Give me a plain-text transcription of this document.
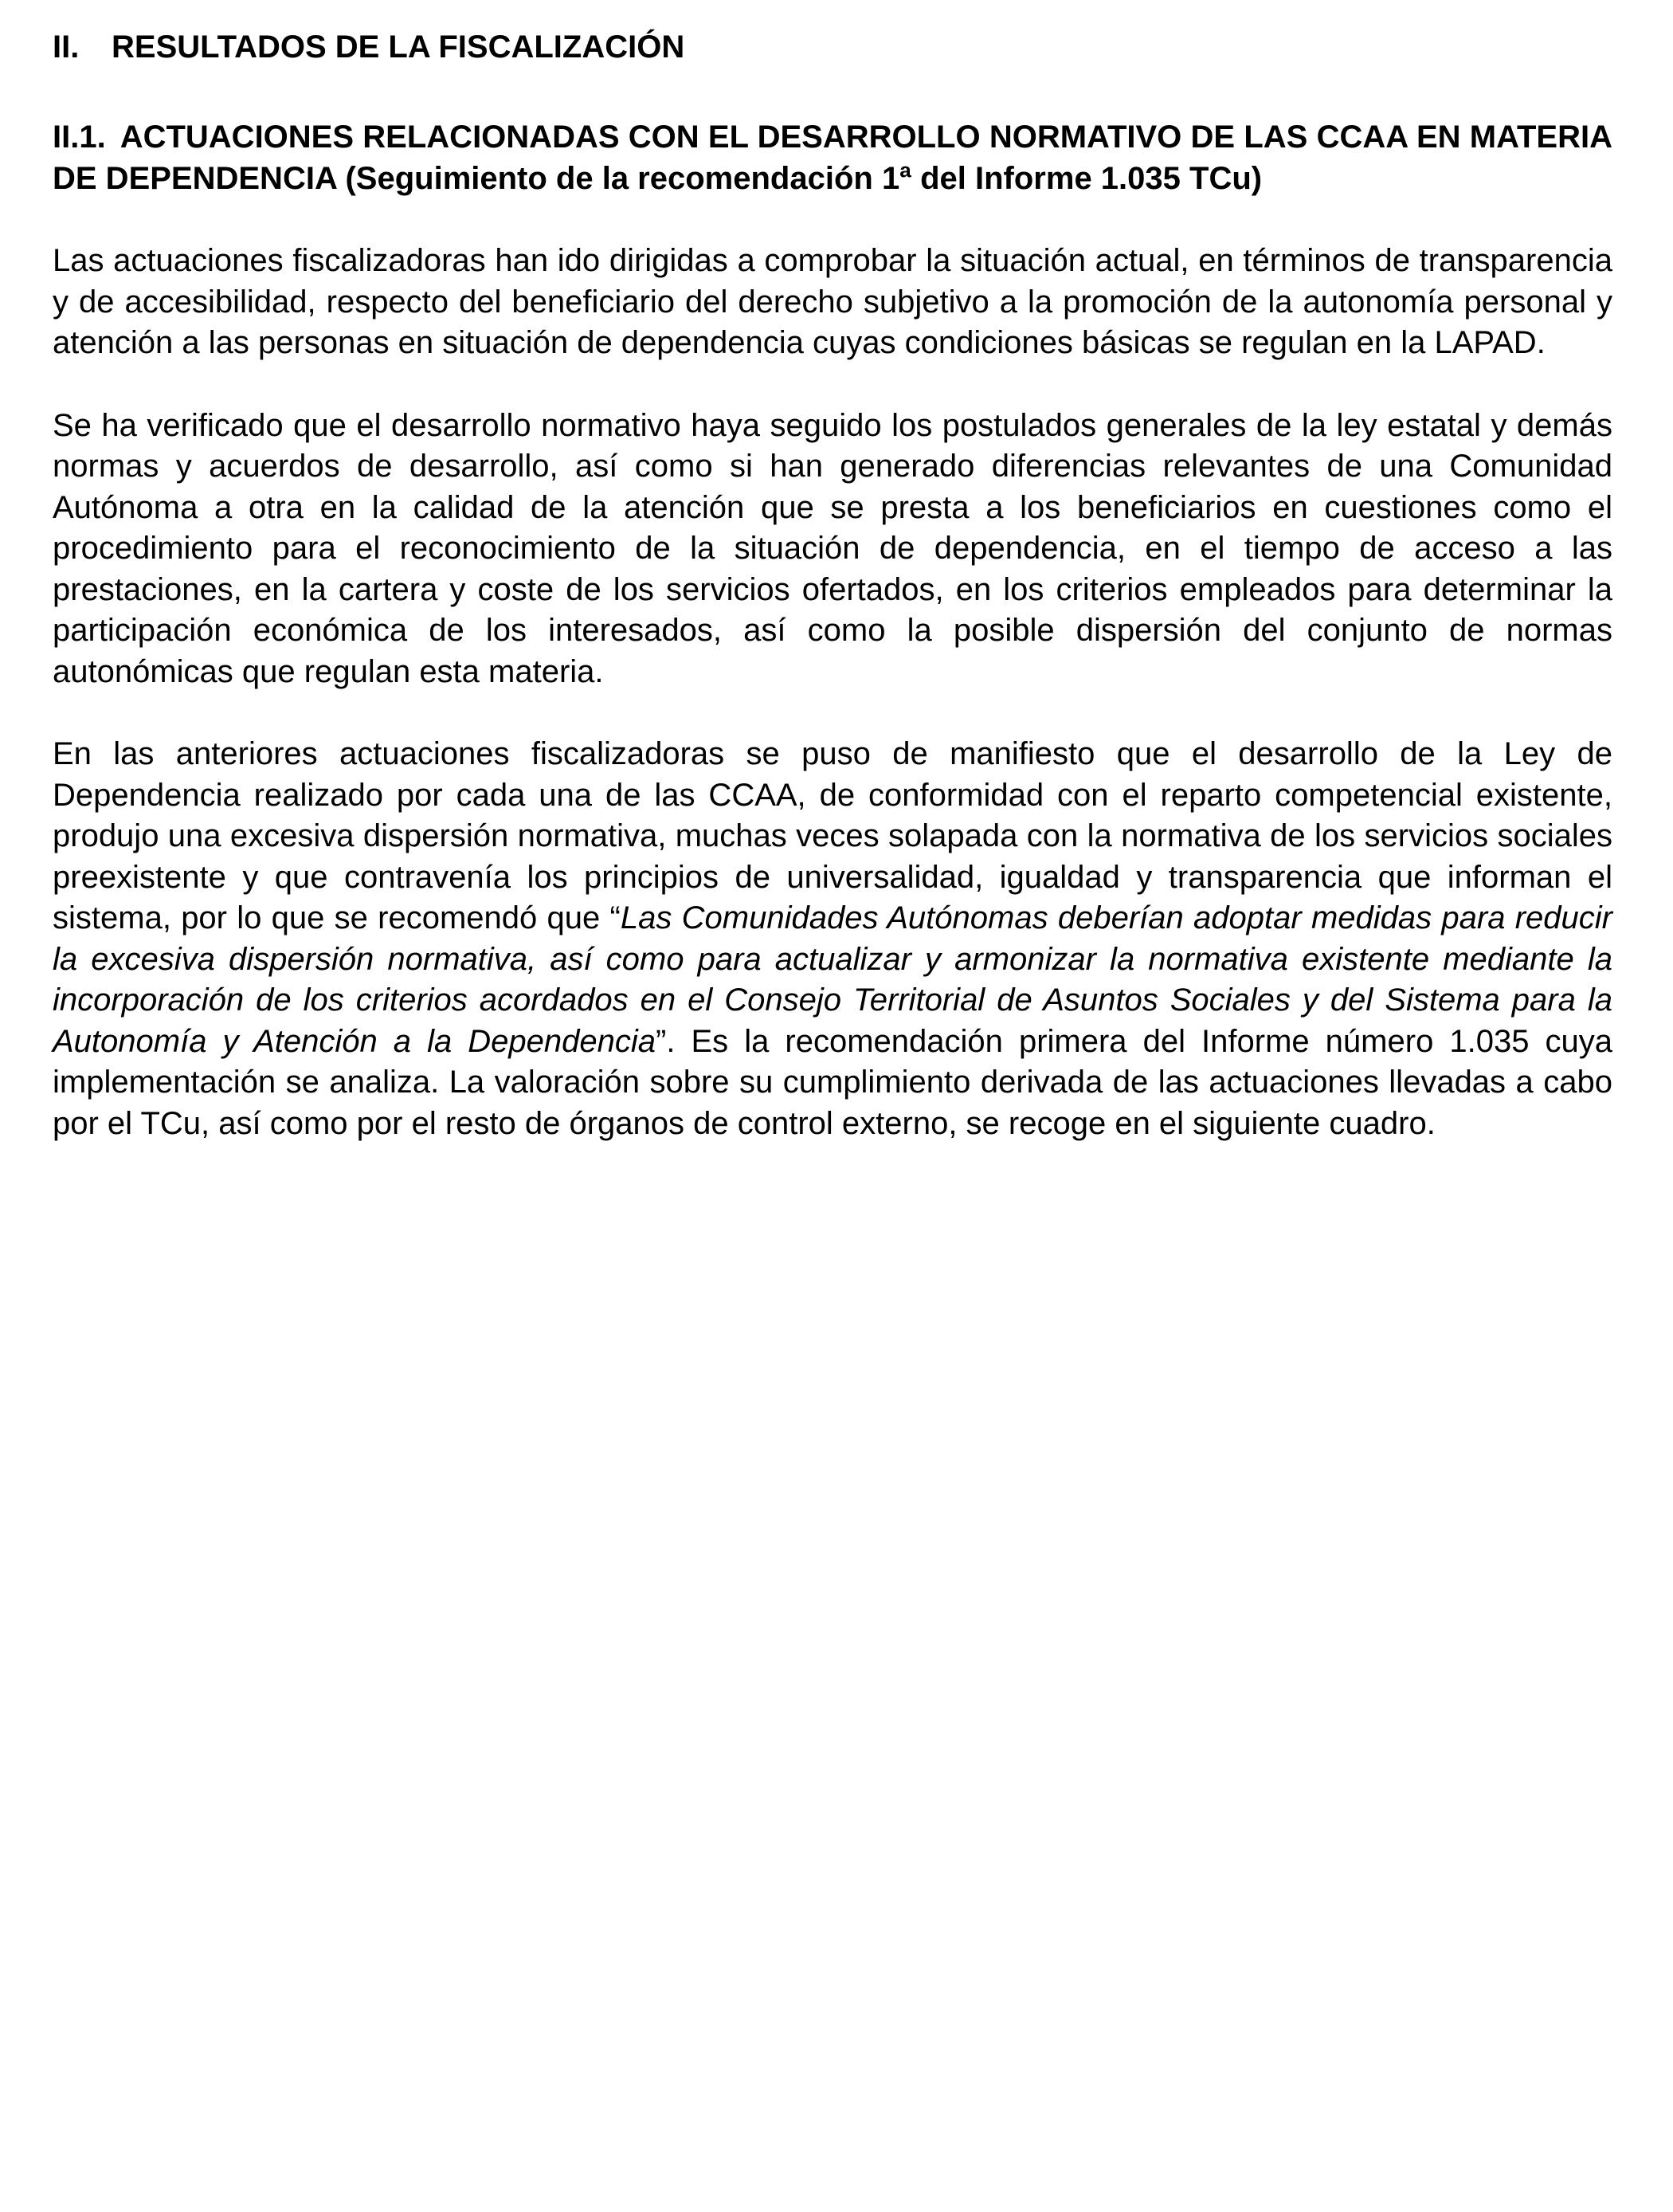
II. RESULTADOS DE LA FISCALIZACIÓN
II.1. ACTUACIONES RELACIONADAS CON EL DESARROLLO NORMATIVO DE LAS CCAA EN MATERIA DE DEPENDENCIA (Seguimiento de la recomendación 1ª del Informe 1.035 TCu)

Las actuaciones fiscalizadoras han ido dirigidas a comprobar la situación actual, en términos de transparencia y de accesibilidad, respecto del beneficiario del derecho subjetivo a la promoción de la autonomía personal y atención a las personas en situación de dependencia cuyas condiciones básicas se regulan en la LAPAD.

Se ha verificado que el desarrollo normativo haya seguido los postulados generales de la ley estatal y demás normas y acuerdos de desarrollo, así como si han generado diferencias relevantes de una Comunidad Autónoma a otra en la calidad de la atención que se presta a los beneficiarios en cuestiones como el procedimiento para el reconocimiento de la situación de dependencia, en el tiempo de acceso a las prestaciones, en la cartera y coste de los servicios ofertados, en los criterios empleados para determinar la participación económica de los interesados, así como la posible dispersión del conjunto de normas autonómicas que regulan esta materia.

En las anteriores actuaciones fiscalizadoras se puso de manifiesto que el desarrollo de la Ley de Dependencia realizado por cada una de las CCAA, de conformidad con el reparto competencial existente, produjo una excesiva dispersión normativa, muchas veces solapada con la normativa de los servicios sociales preexistente y que contravenía los principios de universalidad, igualdad y transparencia que informan el sistema, por lo que se recomendó que “Las Comunidades Autónomas deberían adoptar medidas para reducir la excesiva dispersión normativa, así como para actualizar y armonizar la normativa existente mediante la incorporación de los criterios acordados en el Consejo Territorial de Asuntos Sociales y del Sistema para la Autonomía y Atención a la Dependencia”. Es la recomendación primera del Informe número 1.035 cuya implementación se analiza. La valoración sobre su cumplimiento derivada de las actuaciones llevadas a cabo por el TCu, así como por el resto de órganos de control externo, se recoge en el siguiente cuadro.
